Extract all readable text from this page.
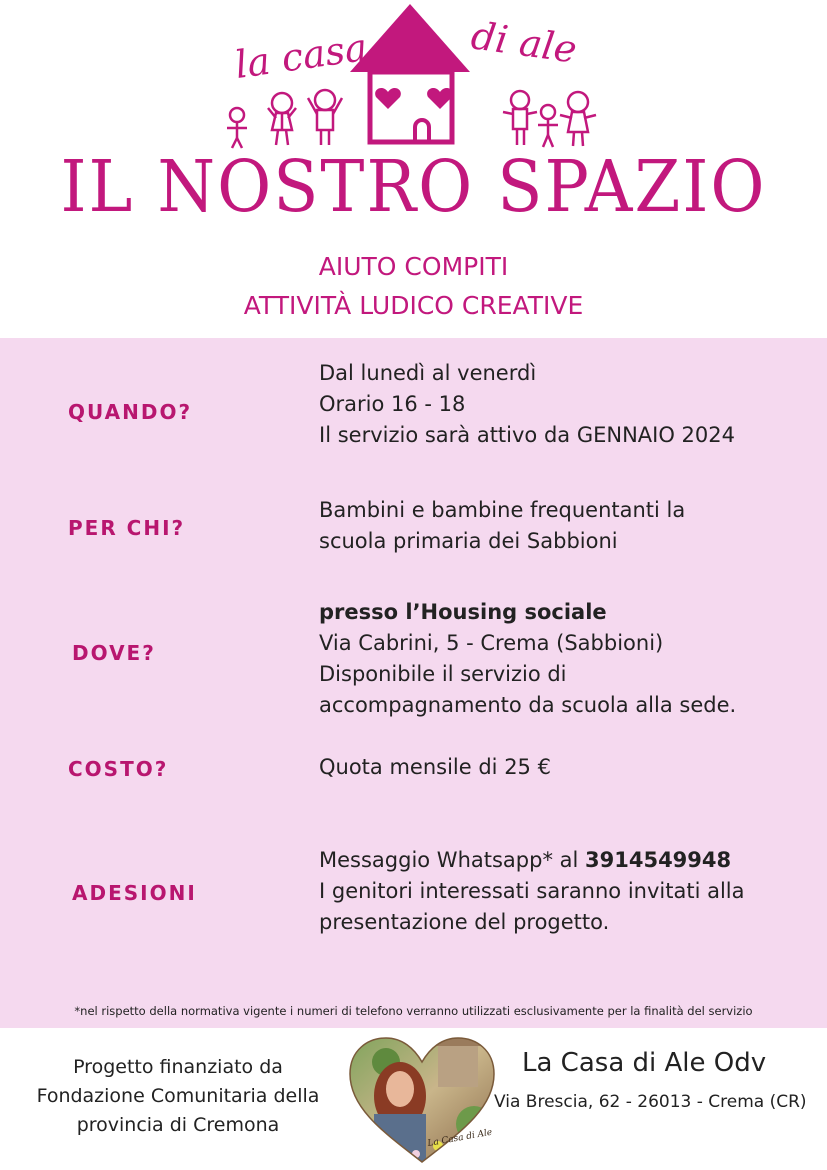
la casa	di ale
IL NOSTRO SPAZIO
AIUTO COMPITI
ATTIVITÀ LUDICO CREATIVE
QUANDO?
Dal lunedì al venerdì
Orario 16 - 18
Il servizio sarà attivo da GENNAIO 2024
PER CHI?
Bambini e bambine frequentanti la
scuola primaria dei Sabbioni
DOVE?
presso l’Housing sociale
Via Cabrini, 5 - Crema (Sabbioni)
Disponibile il servizio di
accompagnamento da scuola alla sede.
COSTO?	Quota mensile di 25 €
ADESIONI
Messaggio Whatsapp* al 3914549948
I genitori interessati saranno invitati alla
presentazione del progetto.
*nel rispetto della normativa vigente i numeri di telefono verranno utilizzati esclusivamente per la finalità del servizio
Progetto finanziato da
Fondazione Comunitaria della
provincia di Cremona
La Casa di Ale
La Casa di Ale Odv
Via Brescia, 62 - 26013 - Crema (CR)
